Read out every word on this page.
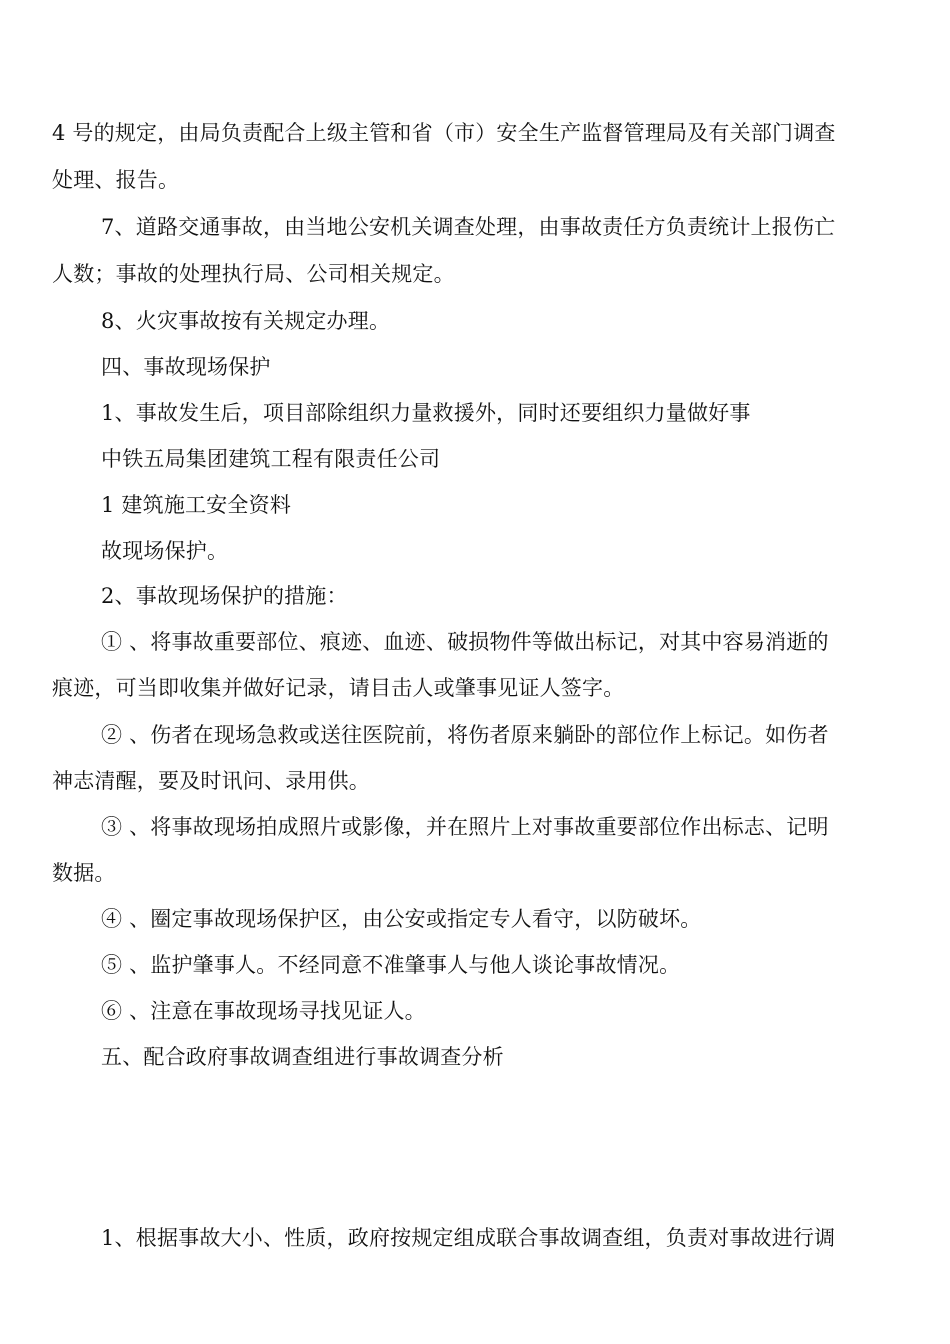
4 号的规定，由局负责配合上级主管和省（市）安全生产监督管理局及有关部门调查
处理、报告。
7、道路交通事故，由当地公安机关调查处理，由事故责任方负责统计上报伤亡
人数；事故的处理执行局、公司相关规定。
8、火灾事故按有关规定办理。
四、事故现场保护
1、事故发生后，项目部除组织力量救援外，同时还要组织力量做好事
中铁五局集团建筑工程有限责任公司
1 建筑施工安全资料
故现场保护。
2、事故现场保护的措施：
① 、将事故重要部位、痕迹、血迹、破损物件等做出标记，对其中容易消逝的
痕迹，可当即收集并做好记录，请目击人或肇事见证人签字。
② 、伤者在现场急救或送往医院前，将伤者原来躺卧的部位作上标记。如伤者
神志清醒，要及时讯问、录用供。
③ 、将事故现场拍成照片或影像，并在照片上对事故重要部位作出标志、记明
数据。
④ 、圈定事故现场保护区，由公安或指定专人看守，以防破坏。
⑤ 、监护肇事人。不经同意不准肇事人与他人谈论事故情况。
⑥ 、注意在事故现场寻找见证人。
五、配合政府事故调查组进行事故调查分析
1、根据事故大小、性质，政府按规定组成联合事故调查组，负责对事故进行调
